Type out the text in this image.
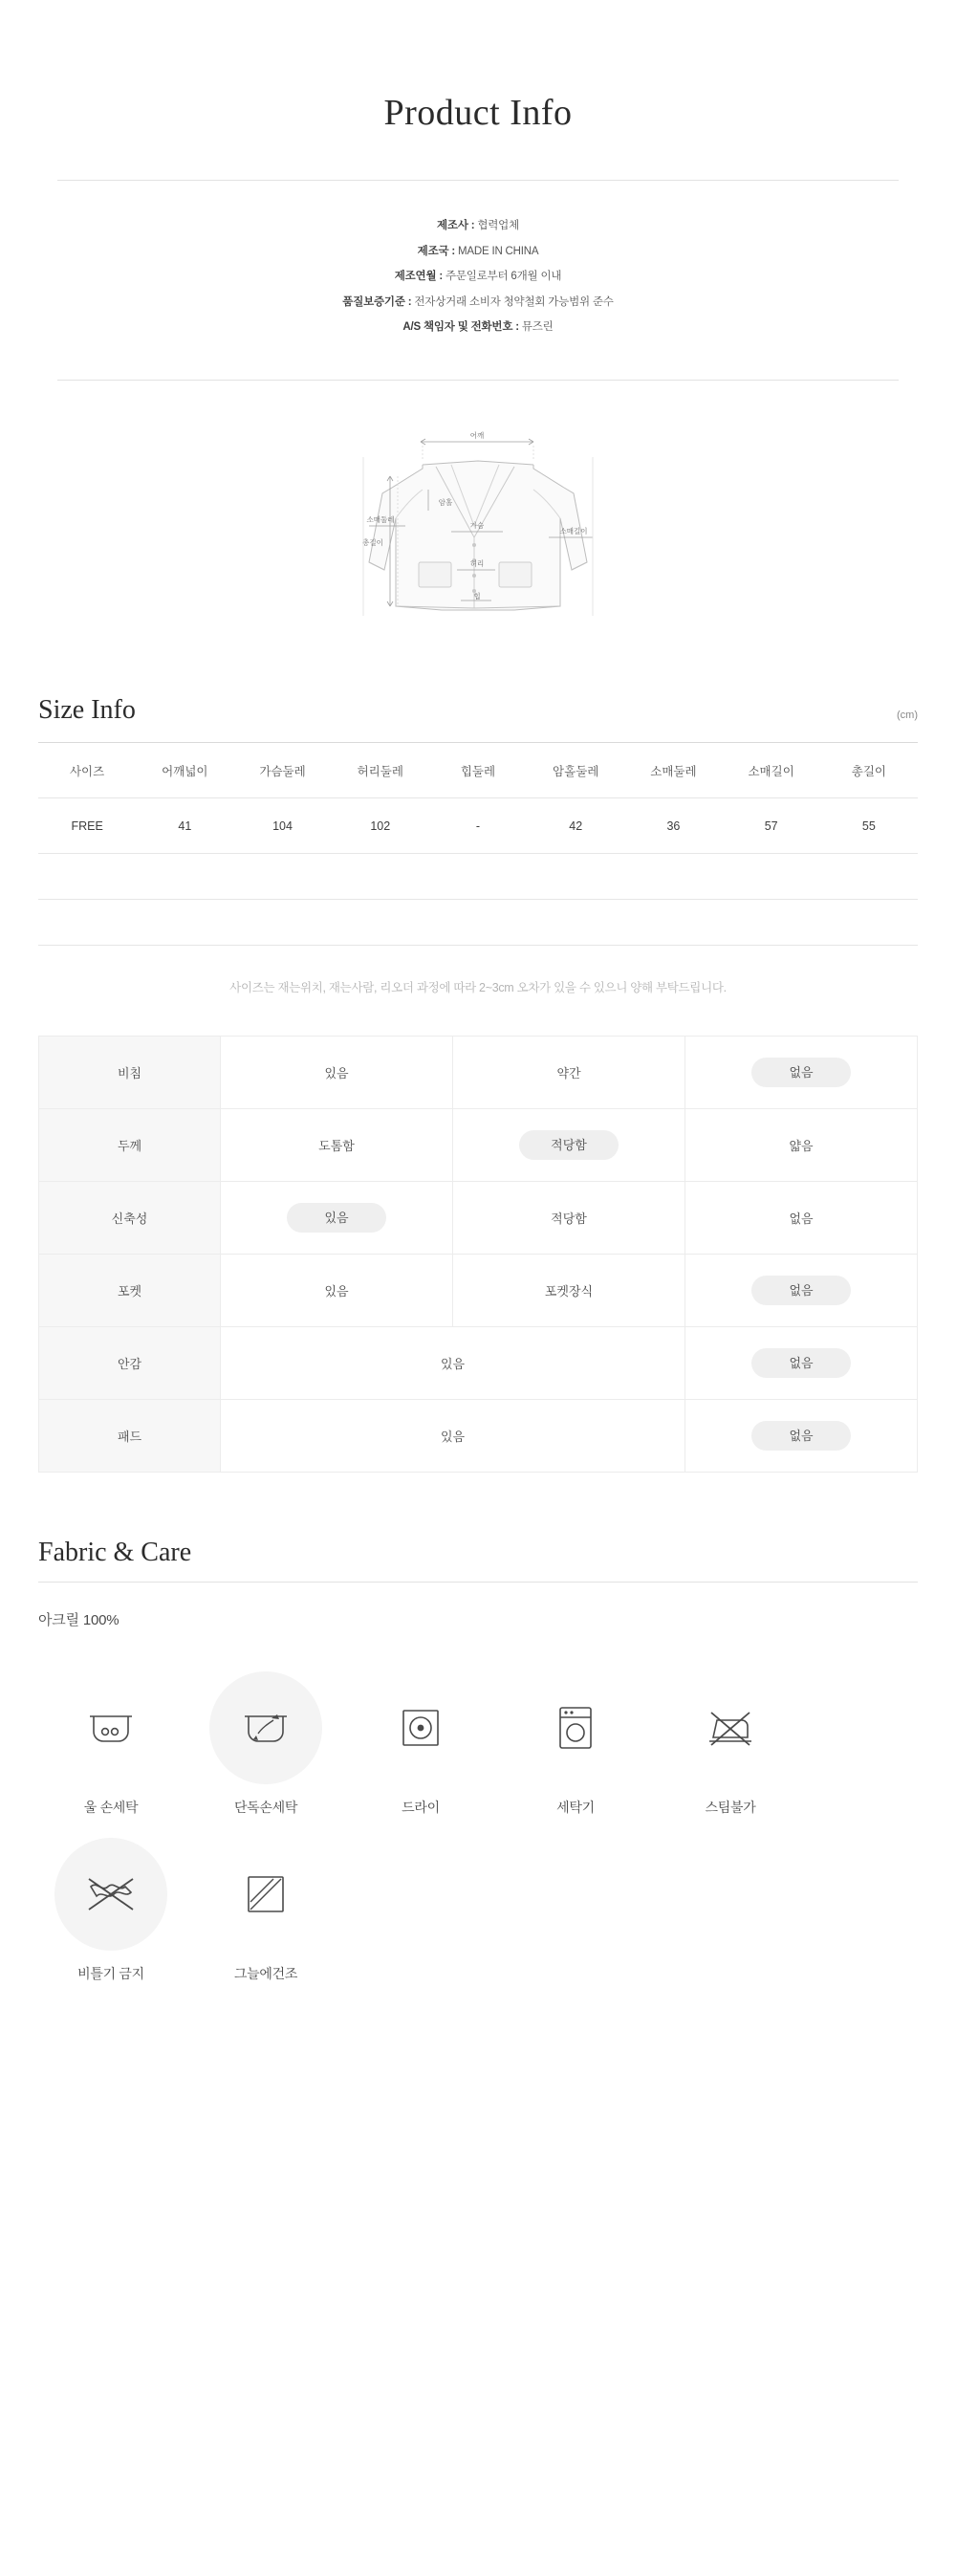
Product Info

제조사 : 협력업체

제조국 : MADE IN CHINA

제조연월 : 주문일로부터 6개월 이내

품질보증기준 : 전자상거래 소비자 청약철회 가능범위 준수

A/S 책임자 및 전화번호 : 뮤즈린

어깨
암홀
소매둘레
가슴
소매길이
총길이
허리
힙
Size Info	(cm)
사이즈	어깨넓이	가슴둘레	허리둘레	힙둘레	암홀둘레	소매둘레	소매길이	총길이
FREE	41	104	102	-	42	36	57	55

사이즈는 재는위치, 재는사람, 리오더 과정에 따라 2~3cm 오차가 있을 수 있으니 양해 부탁드립니다.

비침	있음	약간	없음
두께	도톰함	적당함	얇음
신축성	있음	적당함	없음
포켓	있음	포켓장식	없음
안감	있음		없음
패드	있음		없음
Fabric & Care

아크릴 100%

울 손세탁	단독손세탁	드라이	세탁기	스팀불가
비틀기 금지	그늘에건조
